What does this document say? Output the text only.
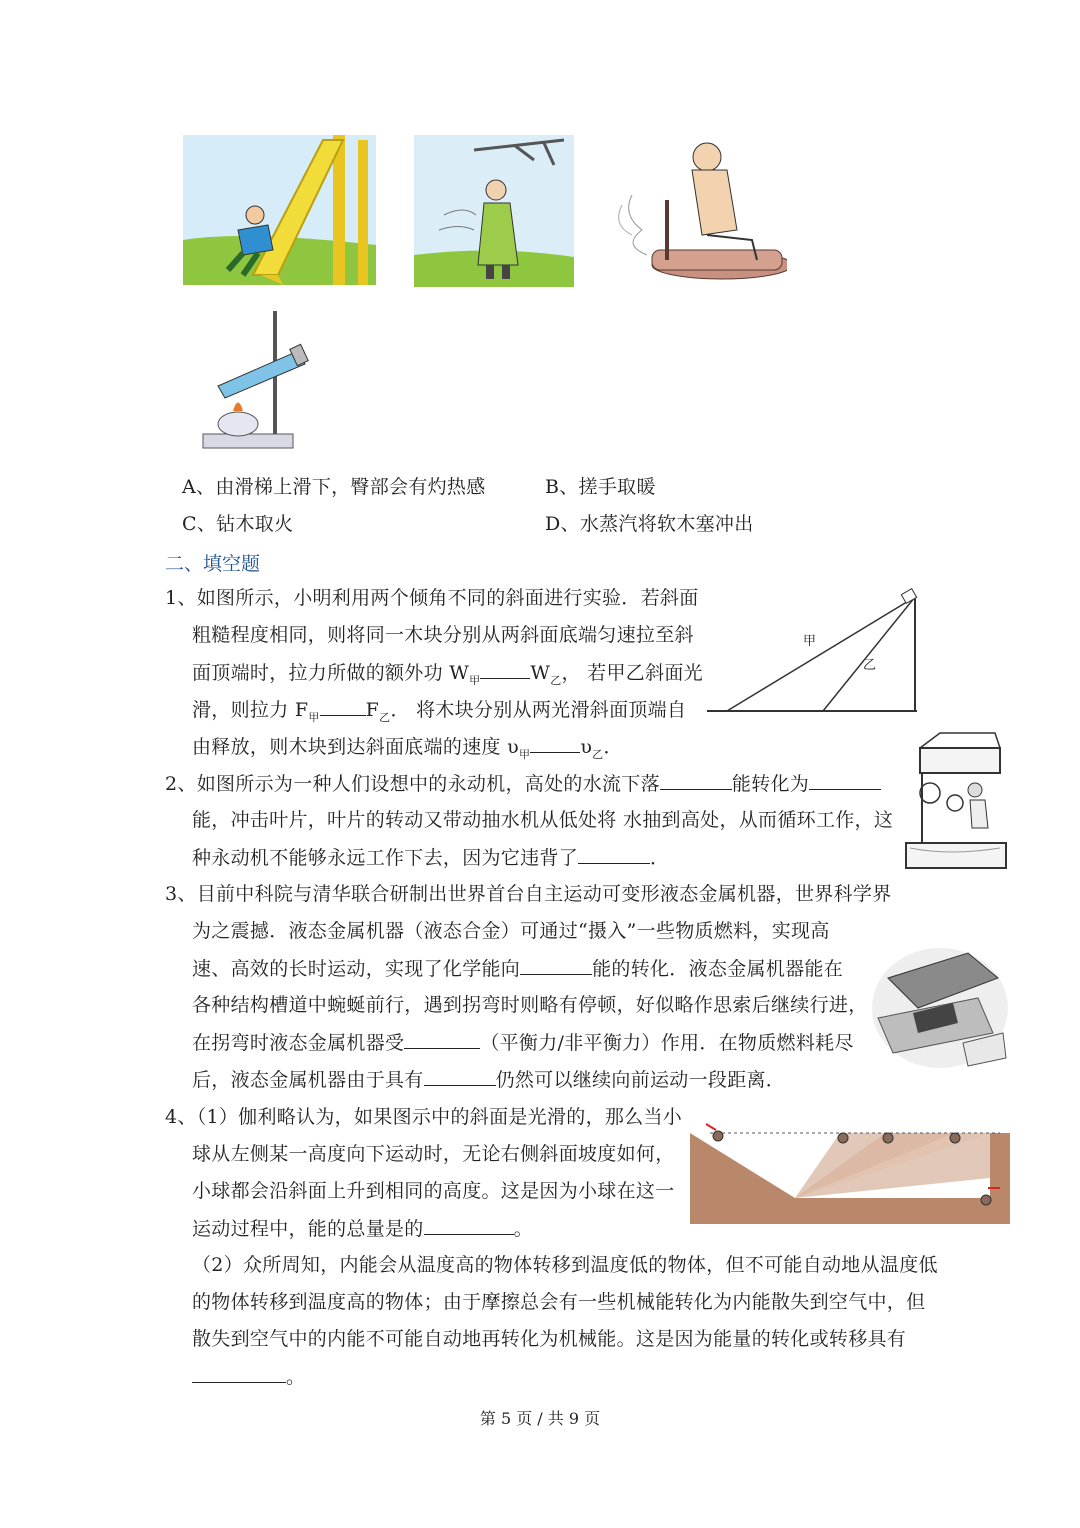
A、由滑梯上滑下，臀部会有灼热感	B、搓手取暖
C、钻木取火	D、水蒸汽将软木塞冲出
二、填空题
1、如图所示，小明利用两个倾角不同的斜面进行实验．若斜面
粗糙程度相同，则将同一木块分别从两斜面底端匀速拉至斜
面顶端时，拉力所做的额外功 $W_甲$	$W_乙$， 若甲乙斜面光
滑，则拉力 $F_甲$ $F_乙$． 将木块分别从两光滑斜面顶端自
由释放，则木块到达斜面底端的速度 $\upsilon_甲$	$\upsilon_乙$．
甲
乙
2、如图所示为一种人们设想中的永动机，高处的水流下落	能转化为
能，冲击叶片，叶片的转动又带动抽水机从低处将 水抽到高处，从而循环工作，这
种永动机不能够永远工作下去，因为它违背了	．
3、目前中科院与清华联合研制出世界首台自主运动可变形液态金属机器，世界科学界
为之震撼．液态金属机器（液态合金）可通过“摄入”一些物质燃料，实现高
速、高效的长时运动，实现了化学能向	能的转化．液态金属机器能在
各种结构槽道中蜿蜒前行，遇到拐弯时则略有停顿，好似略作思索后继续行进，
在拐弯时液态金属机器受	（平衡力/非平衡力）作用．在物质燃料耗尽
后，液态金属机器由于具有	仍然可以继续向前运动一段距离．
4、（1）伽利略认为，如果图示中的斜面是光滑的，那么当小
球从左侧某一高度向下运动时，无论右侧斜面坡度如何，
小球都会沿斜面上升到相同的高度。这是因为小球在这一
运动过程中，能的总量是的	。
（2）众所周知，内能会从温度高的物体转移到温度低的物体，但不可能自动地从温度低
的物体转移到温度高的物体；由于摩擦总会有一些机械能转化为内能散失到空气中，但
散失到空气中的内能不可能自动地再转化为机械能。这是因为能量的转化或转移具有
。
第 5 页 / 共 9 页
